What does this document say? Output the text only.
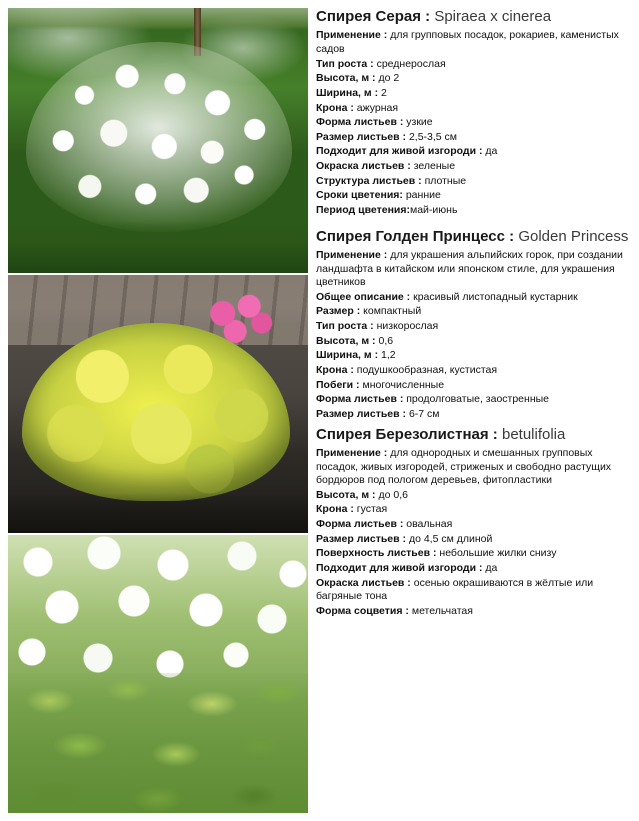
Спирея Серая : Spiraea x cinerea

Применение : для групповых посадок, рокариев, каменистых садов

Тип роста : среднерослая

Высота, м : до 2

Ширина, м : 2

Крона : ажурная

Форма листьев : узкие

Размер листьев : 2,5-3,5 см

Подходит для живой изгороди : да

Окраска листьев : зеленые

Структура листьев : плотные

Сроки цветения: ранние

Период цветения:май-июнь

Спирея Голден Принцесс : Golden Princess

Применение : для украшения альпийских горок, при создании ландшафта в китайском или японском стиле, для украшения цветников

Общее описание : красивый листопадный кустарник

Размер : компактный

Тип роста : низкорослая

Высота, м : 0,6

Ширина, м : 1,2

Крона : подушкообразная, кустистая

Побеги : многочисленные

Форма листьев : продолговатые, заостренные

Размер листьев : 6-7 см

Спирея Березолистная : betulifolia

Применение : для однородных и смешанных групповых посадок, живых изгородей, стриженых и свободно растущих бордюров под пологом деревьев, фитопластики

Высота, м : до 0,6

Крона : густая

Форма листьев : овальная

Размер листьев : до 4,5 см длиной

Поверхность листьев : небольшие жилки снизу

Подходит для живой изгороди : да

Окраска листьев : осенью окрашиваются в жёлтые или багряные тона

Форма соцветия : метельчатая
